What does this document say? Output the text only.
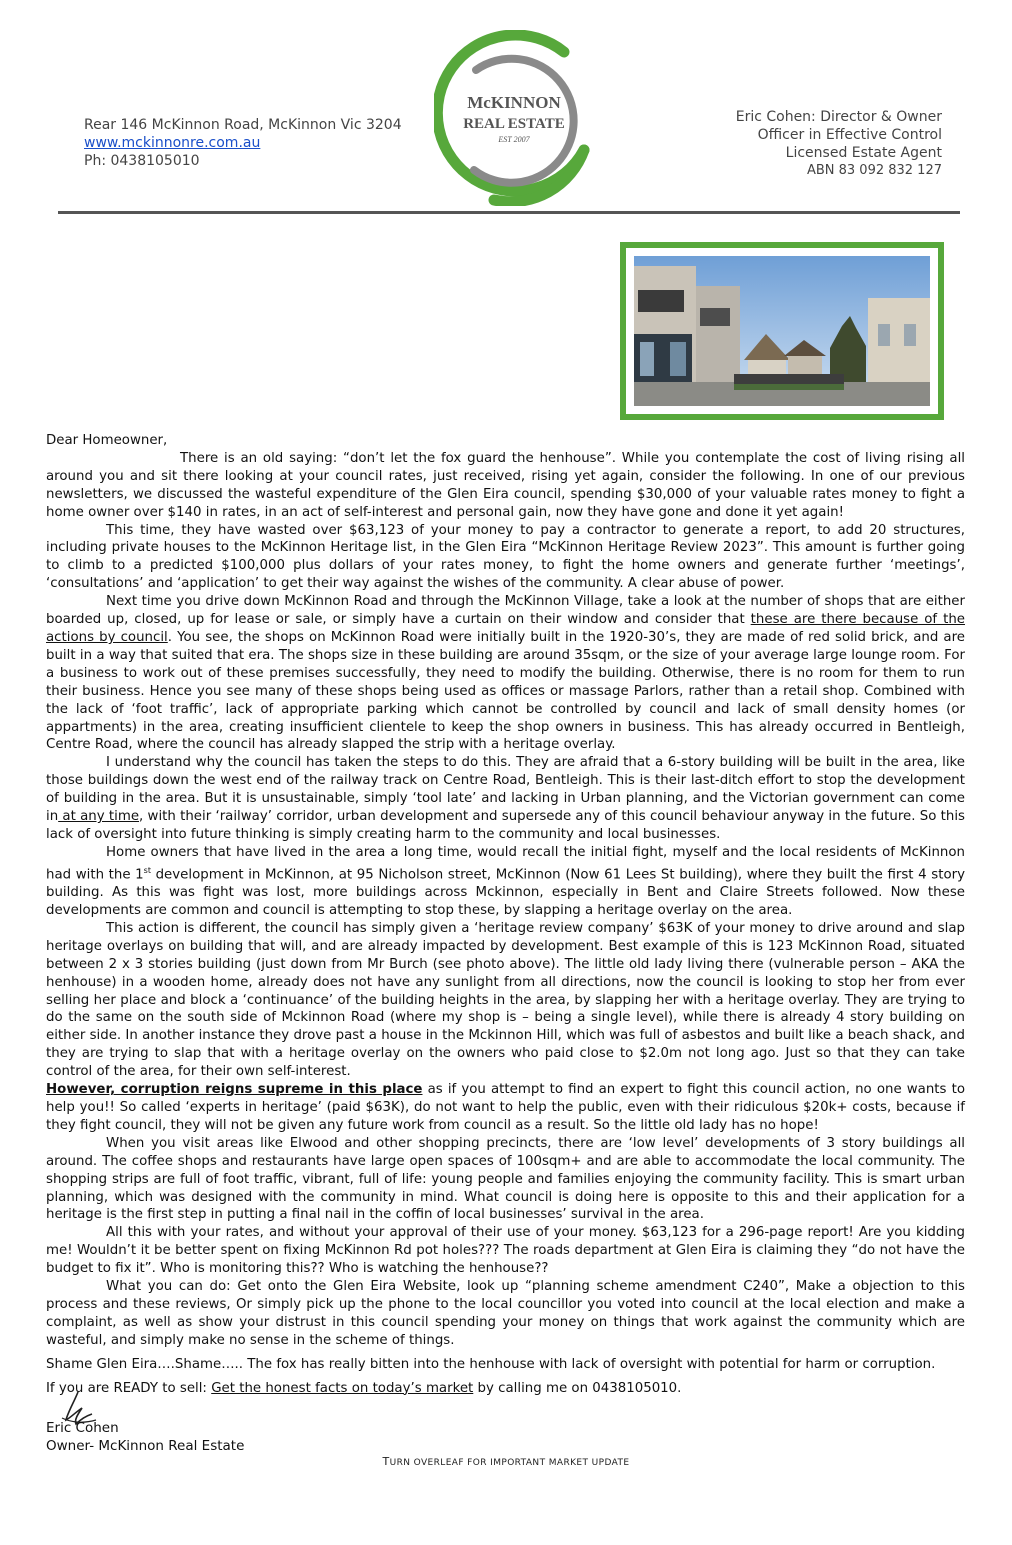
Rear 146 McKinnon Road, McKinnon Vic 3204
www.mckinnonre.com.au
Ph: 0438105010
McKINNON
REAL ESTATE
EST 2007
Eric Cohen: Director & Owner
Officer in Effective Control
Licensed Estate Agent
ABN 83 092 832 127

Dear Homeowner,

There is an old saying: “don’t let the fox guard the henhouse”. While you contemplate the cost of living rising all around you and sit there looking at your council rates, just received, rising yet again, consider the following. In one of our previous newsletters, we discussed the wasteful expenditure of the Glen Eira council, spending $30,000 of your valuable rates money to fight a home owner over $140 in rates, in an act of self-interest and personal gain, now they have gone and done it yet again!

This time, they have wasted over $63,123 of your money to pay a contractor to generate a report, to add 20 structures, including private houses to the McKinnon Heritage list, in the Glen Eira “McKinnon Heritage Review 2023”. This amount is further going to climb to a predicted $100,000 plus dollars of your rates money, to fight the home owners and generate further ‘meetings’, ‘consultations’ and ‘application’ to get their way against the wishes of the community. A clear abuse of power.

Next time you drive down McKinnon Road and through the McKinnon Village, take a look at the number of shops that are either boarded up, closed, up for lease or sale, or simply have a curtain on their window and consider that these are there because of the actions by council. You see, the shops on McKinnon Road were initially built in the 1920-30’s, they are made of red solid brick, and are built in a way that suited that era. The shops size in these building are around 35sqm, or the size of your average large lounge room. For a business to work out of these premises successfully, they need to modify the building. Otherwise, there is no room for them to run their business. Hence you see many of these shops being used as offices or massage Parlors, rather than a retail shop. Combined with the lack of ‘foot traffic’, lack of appropriate parking which cannot be controlled by council and lack of small density homes (or appartments) in the area, creating insufficient clientele to keep the shop owners in business. This has already occurred in Bentleigh, Centre Road, where the council has already slapped the strip with a heritage overlay.

I understand why the council has taken the steps to do this. They are afraid that a 6-story building will be built in the area, like those buildings down the west end of the railway track on Centre Road, Bentleigh. This is their last-ditch effort to stop the development of building in the area. But it is unsustainable, simply ‘tool late’ and lacking in Urban planning, and the Victorian government can come in at any time, with their ‘railway’ corridor, urban development and supersede any of this council behaviour anyway in the future. So this lack of oversight into future thinking is simply creating harm to the community and local businesses.

Home owners that have lived in the area a long time, would recall the initial fight, myself and the local residents of McKinnon had with the 1st development in McKinnon, at 95 Nicholson street, McKinnon (Now 61 Lees St building), where they built the first 4 story building. As this was fight was lost, more buildings across Mckinnon, especially in Bent and Claire Streets followed. Now these developments are common and council is attempting to stop these, by slapping a heritage overlay on the area.

This action is different, the council has simply given a ‘heritage review company’ $63K of your money to drive around and slap heritage overlays on building that will, and are already impacted by development. Best example of this is 123 McKinnon Road, situated between 2 x 3 stories building (just down from Mr Burch (see photo above). The little old lady living there (vulnerable person – AKA the henhouse) in a wooden home, already does not have any sunlight from all directions, now the council is looking to stop her from ever selling her place and block a ‘continuance’ of the building heights in the area, by slapping her with a heritage overlay. They are trying to do the same on the south side of Mckinnon Road (where my shop is – being a single level), while there is already 4 story building on either side. In another instance they drove past a house in the Mckinnon Hill, which was full of asbestos and built like a beach shack, and they are trying to slap that with a heritage overlay on the owners who paid close to $2.0m not long ago. Just so that they can take control of the area, for their own self-interest.

However, corruption reigns supreme in this place as if you attempt to find an expert to fight this council action, no one wants to help you!! So called ‘experts in heritage’ (paid $63K), do not want to help the public, even with their ridiculous $20k+ costs, because if they fight council, they will not be given any future work from council as a result. So the little old lady has no hope!

When you visit areas like Elwood and other shopping precincts, there are ‘low level’ developments of 3 story buildings all around. The coffee shops and restaurants have large open spaces of 100sqm+ and are able to accommodate the local community. The shopping strips are full of foot traffic, vibrant, full of life: young people and families enjoying the community facility. This is smart urban planning, which was designed with the community in mind. What council is doing here is opposite to this and their application for a heritage is the first step in putting a final nail in the coffin of local businesses’ survival in the area.

All this with your rates, and without your approval of their use of your money. $63,123 for a 296-page report! Are you kidding me! Wouldn’t it be better spent on fixing McKinnon Rd pot holes??? The roads department at Glen Eira is claiming they “do not have the budget to fix it”. Who is monitoring this?? Who is watching the henhouse??

What you can do: Get onto the Glen Eira Website, look up “planning scheme amendment C240”, Make a objection to this process and these reviews, Or simply pick up the phone to the local councillor you voted into council at the local election and make a complaint, as well as show your distrust in this council spending your money on things that work against the community which are wasteful, and simply make no sense in the scheme of things.

Shame Glen Eira….Shame….. The fox has really bitten into the henhouse with lack of oversight with potential for harm or corruption.

If you are READY to sell: Get the honest facts on today’s market by calling me on 0438105010.

Eric Cohen
Owner- McKinnon Real Estate
TURN OVERLEAF FOR IMPORTANT MARKET UPDATE
